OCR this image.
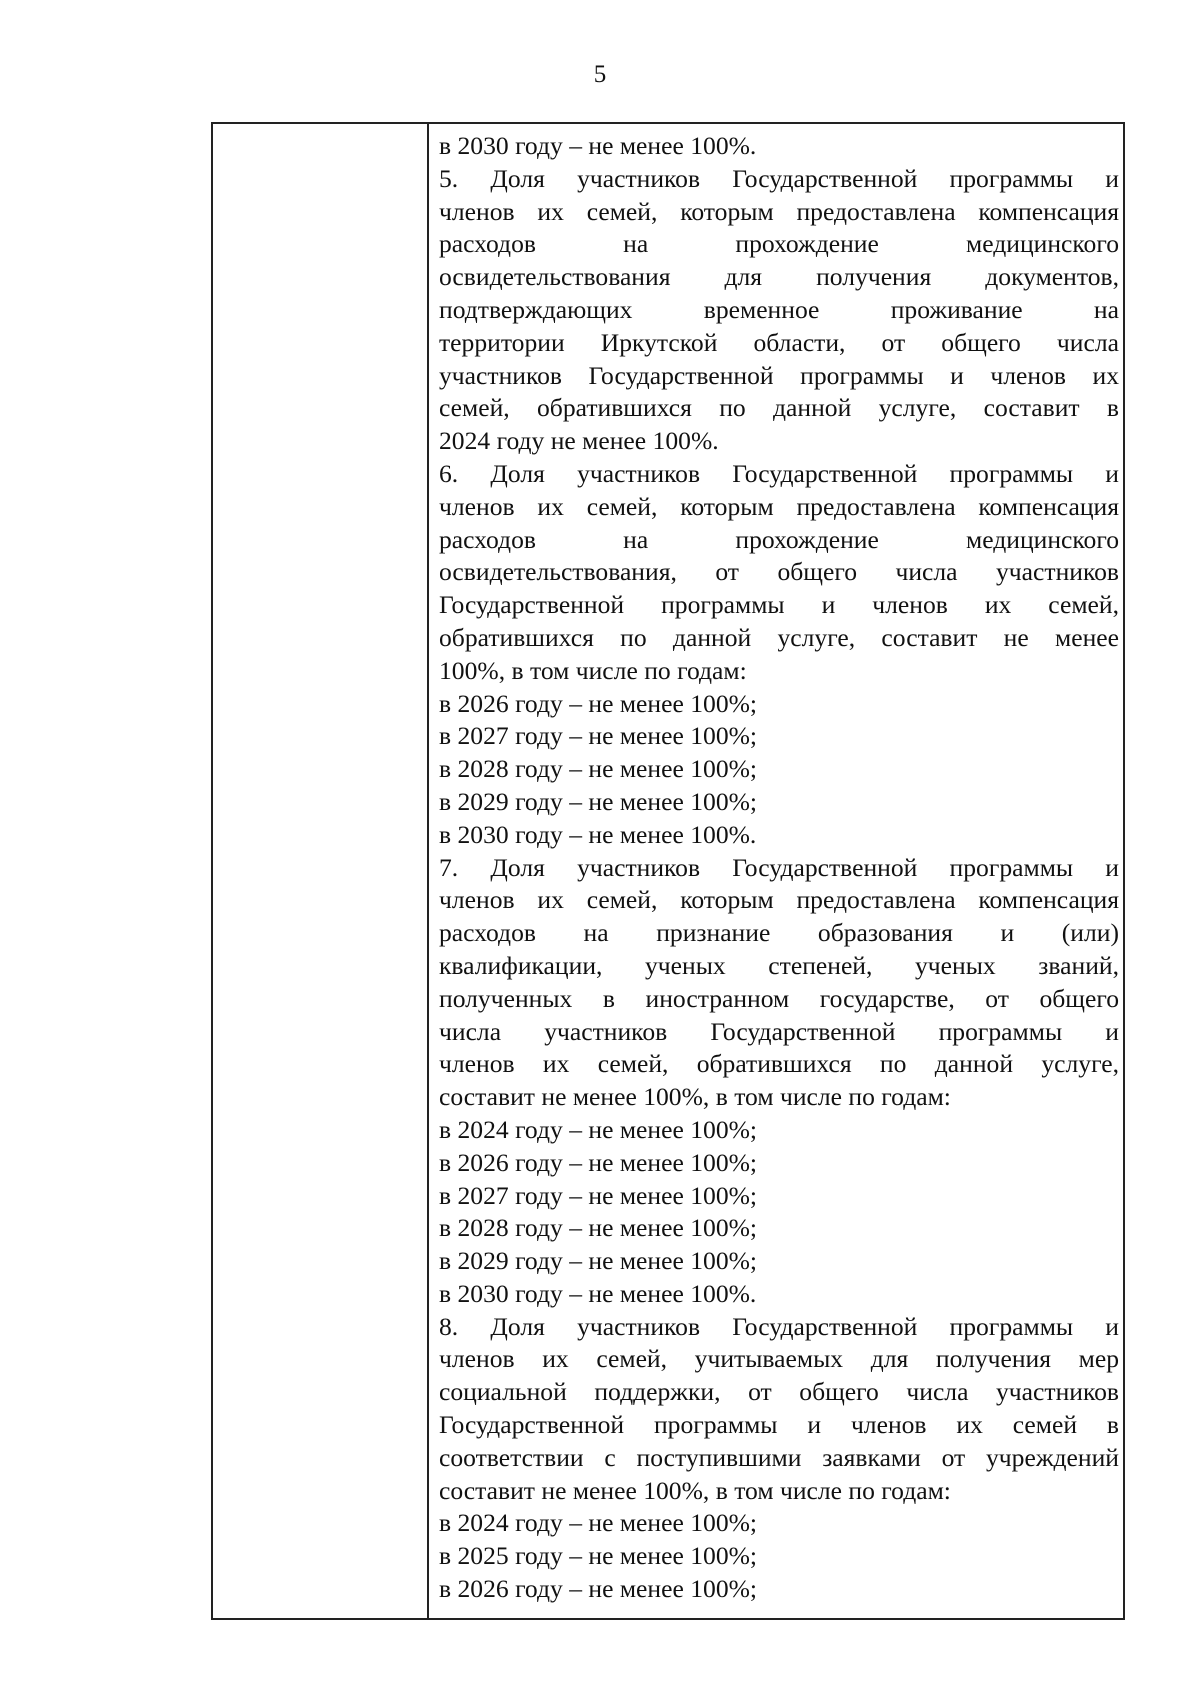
5

в 2030 году – не менее 100%.
5. Доля участников Государственной программы и
членов их семей, которым предоставлена компенсация
расходов на прохождение медицинского
освидетельствования для получения документов,
подтверждающих временное проживание на
территории Иркутской области, от общего числа
участников Государственной программы и членов их
семей, обратившихся по данной услуге, составит в
2024 году не менее 100%.
6. Доля участников Государственной программы и
членов их семей, которым предоставлена компенсация
расходов на прохождение медицинского
освидетельствования, от общего числа участников
Государственной программы и членов их семей,
обратившихся по данной услуге, составит не менее
100%, в том числе по годам:
в 2026 году – не менее 100%;
в 2027 году – не менее 100%;
в 2028 году – не менее 100%;
в 2029 году – не менее 100%;
в 2030 году – не менее 100%.
7. Доля участников Государственной программы и
членов их семей, которым предоставлена компенсация
расходов на признание образования и (или)
квалификации, ученых степеней, ученых званий,
полученных в иностранном государстве, от общего
числа участников Государственной программы и
членов их семей, обратившихся по данной услуге,
составит не менее 100%, в том числе по годам:
в 2024 году – не менее 100%;
в 2026 году – не менее 100%;
в 2027 году – не менее 100%;
в 2028 году – не менее 100%;
в 2029 году – не менее 100%;
в 2030 году – не менее 100%.
8. Доля участников Государственной программы и
членов их семей, учитываемых для получения мер
социальной поддержки, от общего числа участников
Государственной программы и членов их семей в
соответствии с поступившими заявками от учреждений
составит не менее 100%, в том числе по годам:
в 2024 году – не менее 100%;
в 2025 году – не менее 100%;
в 2026 году – не менее 100%;
